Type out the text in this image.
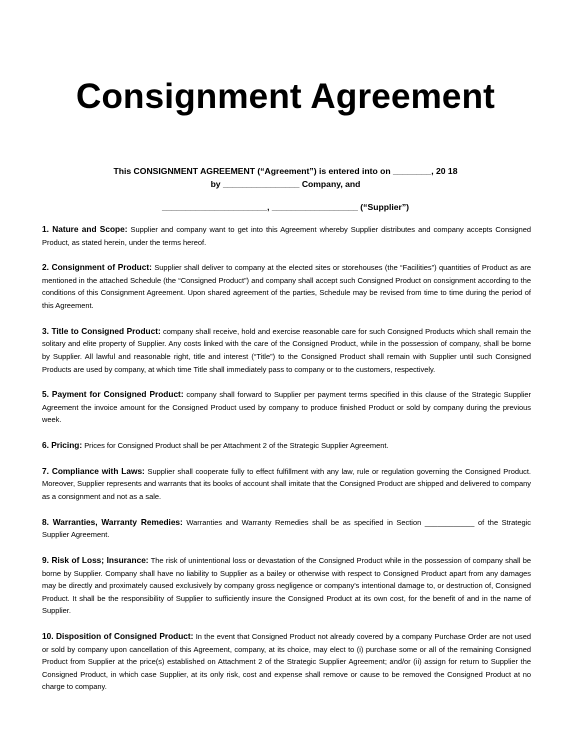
Consignment Agreement
This CONSIGNMENT AGREEMENT (“Agreement”) is entered into on ________, 20 18
by ________________ Company, and
______________________, __________________ (“Supplier”)

1. Nature and Scope: Supplier and company want to get into this Agreement whereby Supplier distributes and company accepts Consigned Product, as stated herein, under the terms hereof.

2. Consignment of Product: Supplier shall deliver to company at the elected sites or storehouses (the “Facilities”) quantities of Product as are mentioned in the attached Schedule (the “Consigned Product”) and company shall accept such Consigned Product on consignment according to the conditions of this Consignment Agreement. Upon shared agreement of the parties, Schedule may be revised from time to time during the period of this Agreement.

3. Title to Consigned Product: company shall receive, hold and exercise reasonable care for such Consigned Products which shall remain the solitary and elite property of Supplier. Any costs linked with the care of the Consigned Product, while in the possession of company, shall be borne by Supplier. All lawful and reasonable right, title and interest (“Title”) to the Consigned Product shall remain with Supplier until such Consigned Products are used by company, at which time Title shall immediately pass to company or to the customers, respectively.

5. Payment for Consigned Product: company shall forward to Supplier per payment terms specified in this clause of the Strategic Supplier Agreement the invoice amount for the Consigned Product used by company to produce finished Product or sold by company during the previous week.

6. Pricing: Prices for Consigned Product shall be per Attachment 2 of the Strategic Supplier Agreement.

7. Compliance with Laws: Supplier shall cooperate fully to effect fulfillment with any law, rule or regulation governing the Consigned Product. Moreover, Supplier represents and warrants that its books of account shall imitate that the Consigned Product are shipped and delivered to company as a consignment and not as a sale.

8. Warranties, Warranty Remedies: Warranties and Warranty Remedies shall be as specified in Section ____________ of the Strategic Supplier Agreement.

9. Risk of Loss; Insurance: The risk of unintentional loss or devastation of the Consigned Product while in the possession of company shall be borne by Supplier. Company shall have no liability to Supplier as a bailey or otherwise with respect to Consigned Product apart from any damages may be directly and proximately caused exclusively by company gross negligence or company’s intentional damage to, or destruction of, Consigned Product. It shall be the responsibility of Supplier to sufficiently insure the Consigned Product at its own cost, for the benefit of and in the name of Supplier.

10. Disposition of Consigned Product: In the event that Consigned Product not already covered by a company Purchase Order are not used or sold by company upon cancellation of this Agreement, company, at its choice, may elect to (i) purchase some or all of the remaining Consigned Product from Supplier at the price(s) established on Attachment 2 of the Strategic Supplier Agreement; and/or (ii) assign for return to Supplier the Consigned Product, in which case Supplier, at its only risk, cost and expense shall remove or cause to be removed the Consigned Product at no charge to company.
